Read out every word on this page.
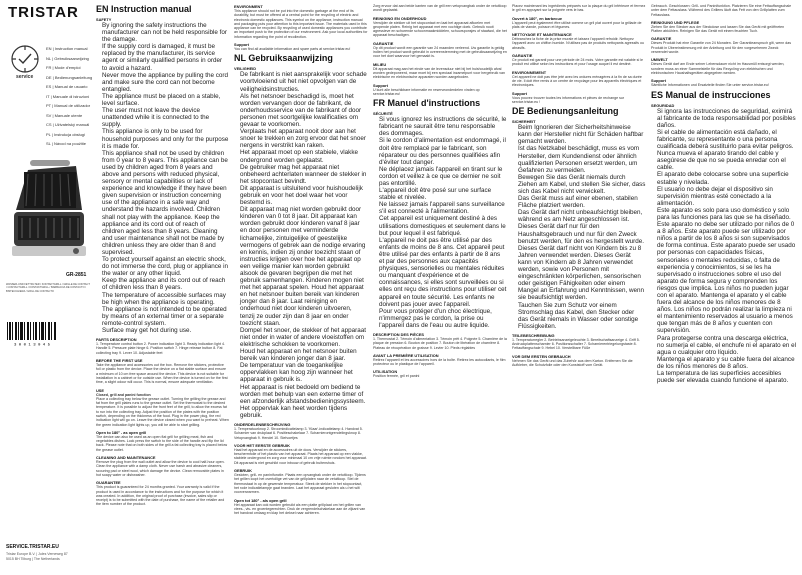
TRISTAR
service
EN | Instruction manual
NL | Gebruiksaanwijzing
FR | Mode d'emploi
DE | Bedienungsanleitung
ES | Manual de usuario
IT | Manuale di istruzioni
PT | Manual de utilizador
SV | Manuale utente
CS | Uživatelský manuál
PL | Instrukcja obsługi
SL | Návod na použitie
GR-2851
WASSER-UND FETTFILTER / KONTAKTGRILL / GRILLE DE CONTACT / CONTACTGRILL / KONTAKTGRILL / BARBACOA DE CONTACTO / BISTECCHIERA / GRILL DE CONTACTO
3 0 0 1 3 0 4 5
SERVICE.TRISTAR.EU
Tristar Europe B.V. | Jules Verneweg 87
5015 BH Tilburg | The Netherlands
EN Instruction manual
SAFETY
• By ignoring the safety instructions the manufacturer can not be held responsible for the damage.
• If the supply cord is damaged, it must be replaced by the manufacturer, its service agent or similarly qualified persons in order to avoid a hazard.
• Never move the appliance by pulling the cord and make sure the cord can not become entangled.
• The appliance must be placed on a stable, level surface.
• The user must not leave the device unattended while it is connected to the supply.
• This appliance is only to be used for household purposes and only for the purpose it is made for.
• This appliance shall not be used by children from 0 year to 8 years. This appliance can be used by children aged from 8 years and above and persons with reduced physical, sensory or mental capabilities or lack of experience and knowledge if they have been given supervision or instruction concerning use of the appliance in a safe way and understand the hazards involved. Children shall not play with the appliance. Keep the appliance and its cord out of reach of children aged less than 8 years. Cleaning and user maintenance shall not be made by children unless they are older than 8 and supervised.
• To protect yourself against an electric shock, do not immerse the cord, plug or appliance in the water or any other liquid.
• Keep the appliance and its cord out of reach of children less than 8 years.
• The temperature of accessible surfaces may be high when the appliance is operating.
• The appliance is not intended to be operated by means of an external timer or a separate remote-control system.
• Surface may get hot during use.
PARTS DESCRIPTION

1. Temperature control button 2. Power indication light 3. Ready indication light 4. Handle 5. Pressure plate hinge 6. Position switch 7. Hinge release button 8. Fat collecting tray 9. Lever 10. Adjustable feet

BEFORE THE FIRST USE

Take the appliance and accessories out the box. Remove the stickers, protective foil or plastic from the device. Place the device on a flat stable surface and ensure a minimum of 10 cm free space around the device. This device is not suitable for installation in a cabinet or for outside use. When the device is turned on for the first time, a slight odour will occur. This is normal, ensure adequate ventilation.

USE

Closed, grill and panini function

Place a collecting tray below the grease outlet. Turning the grilling the grease and fat from the grill plates runs to the grease outlet. Set the thermostat to the desired temperature. It is possible to adjust the front feet of the grill, to allow the excess fat to run into the collecting tray. Adjust the position of the plates with the position switch, depending on the thickness of the food. Plug in the power plug, the red indication light will go on. Leave the device closed when you want to preheat. When the green indication light lights up, you will be able to start grilling.

Open to 180° - as open grill

The device can also be used as an open flat grill for grilling meat, fish and vegetables dishes. Lock press the switch to the side of the handle and flip the lid back. Please note that on both sides of the grill a fat collecting tray is placed below the grease outlet.

CLEANING AND MAINTENANCE

Remove the plug from the wall outlet and allow the device to cool half-hour open. Clean the appliance with a damp cloth. Never use harsh and abrasive cleaners, scouring pad or steel wool, which damage the device. Clean removable plates in hot soapy water or dishwasher.

GUARANTEE

This product is guaranteed for 24 months granted. Your warranty is valid if the product is used in accordance to the instructions and for the purpose for which it was created. In addition, the original proof of purchase (invoice, sales slip or receipt) is to be submitted with the date of purchase, the name of the retailer and the item number of the product.

ENVIRONMENT

This appliance should not be put into the domestic garbage at the end of its durability, but must be offered at a central point for the recycling of electric and electronic domestic appliances. This symbol on the appliance, instruction manual and packaging puts your attention to this important issue. The materials used in this appliance can be recycled. By recycling of used domestic appliances you contribute an important push to the protection of our environment. Ask your local authorities for information regarding the point of recollection.

Support

You can find all available information and spare parts at service.tristar.eu!

NL Gebruiksaanwijzing
VEILIGHEID
• De fabrikant is niet aansprakelijk voor schade voortvloeiend uit het niet opvolgen van de veiligheidsinstructies.
• Als het netsnoer beschadigd is, moet het worden vervangen door de fabrikant, de onderhoudsservice van de fabrikant of door personen met soortgelijke kwalificaties om gevaar te voorkomen.
• Verplaats het apparaat nooit door aan het snoer te trekken en zorg ervoor dat het snoer nergens in verstrikt kan raken.
• Het apparaat moet op een stabiele, vlakke ondergrond worden geplaatst.
• De gebruiker mag het apparaat niet onbeheerd achterlaten wanneer de stekker in het stopcontact bevindt.
• Dit apparaat is uitsluitend voor huishoudelijk gebruik en voor het doel waar het voor bestemd is.
• Dit apparaat mag niet worden gebruikt door kinderen van 0 tot 8 jaar. Dit apparaat kan worden gebruikt door kinderen vanaf 8 jaar en door personen met verminderde lichamelijke, zintuigelijke of geestelijke vermogens of gebrek aan de nodige ervaring en kennis, indien zij onder toezicht staan of instructies krijgen over hoe het apparaat op een veilige manier kan worden gebruikt alsook de gevaren begrijpen die met het gebruik samenhangen. Kinderen mogen niet met het apparaat spelen. Houd het apparaat en het netsnoer buiten bereik van kinderen jonger dan 8 jaar. Laat reiniging en onderhoud niet door kinderen uitvoeren, tenzij ze ouder zijn dan 8 jaar en onder toezicht staan.
• Dompel het snoer, de stekker of het apparaat niet onder in water of andere vloeistoffen om elektrische schokken te voorkomen.
• Houd het apparaat en het netsnoer buiten bereik van kinderen jonger dan 8 jaar.
• De temperatuur van de toegankelijke oppervlakken kan hoog zijn wanneer het apparaat in gebruik is.
• Het apparaat is niet bedoeld om bediend te worden met behulp van een externe timer of een afzonderlijk afstandsbedieningssysteem.
• Het oppervlak kan heet worden tijdens gebruik.
ONDERDELENBESCHRIJVING

1. Temperatuurknop 2. Stroomindicatielamp 3. 'Klaar'-indicatielamp 4. Handvat 5. Scharnier van drukplaat 6. Positieschakelaar 7. Scharnierontgrendelingsknop 8. Vetopvangbak 9. Hendel 10. Stelvoetjes

VOOR HET EERSTE GEBRUIK

Haal het apparaat en de accessoires uit de doos. Verwijder de stickers, beschermfolie of het plastic van het apparaat. Plaats het apparaat op een vlakke, stabiele ondergrond en zorg voor minimaal 10 cm vrije ruimte rondom het apparaat. Dit apparaat is niet geschikt voor inbouw of gebruik buitenshuis.

GEBRUIK

Gesloten, grill- en paninifunctie. Plaats een opvangbak onder de vetuitloop. Tijdens het grillen loopt het overtollige vet van de grillplaten naar de vetuitloop. Stel de thermostaat in op de gewenste temperatuur. Steek de stekker in het stopcontact, het rode indicatielampje gaat branden. Laat het apparaat gesloten als u het wilt voorverwarmen.

Open tot 180° - als open grill

Het apparaat kan ook worden gebruikt als een platte grillplaat om het grillen van vlees-, vis- en groentegerechten. Druk de vergrendelschakelaar aan de zijkant van het handvat omlaag en klap het deksel naar achteren.

Zorg ervoor dat aan beide kanten van de grill een vetopvangbak onder de vetuitloop wordt geplaatst.

REINIGING EN ONDERHOUD

Verwijder de stekker uit het stopcontact en laat het apparaat afkoelen met geopende platen. Reinig het apparaat met een vochtige doek. Gebruik nooit agressieve en schurende schoonmaakmiddelen, schuursponsjes of staalwol, die het apparaat beschadigen.

GARANTIE

Op dit product wordt een garantie van 24 maanden verleend. Uw garantie is geldig indien het product wordt gebruikt in overeenstemming met de gebruiksaanwijzing en voor het doel waarvoor het gemaakt is.

MILIEU

Dit apparaat mag aan het einde van de levensduur niet bij het huishoudelijk afval worden gedeponeerd, maar moet bij een speciaal inzamelpunt voor hergebruik van elektrische en elektronische apparaten worden aangeboden.

Support

U kunt alle beschikbare informatie en reserveonderdelen vinden op service.tristar.eu!

FR Manuel d'instructions
SÉCURITÉ
• Si vous ignorez les instructions de sécurité, le fabricant ne saurait être tenu responsable des dommages.
• Si le cordon d'alimentation est endommagé, il doit être remplacé par le fabricant, son réparateur ou des personnes qualifiées afin d'éviter tout danger.
• Ne déplacez jamais l'appareil en tirant sur le cordon et veillez à ce que ce dernier ne soit pas entortillé.
• L'appareil doit être posé sur une surface stable et nivelée.
• Ne laissez jamais l'appareil sans surveillance s'il est connecté à l'alimentation.
• Cet appareil est uniquement destiné à des utilisations domestiques et seulement dans le but pour lequel il est fabriqué.
• L'appareil ne doit pas être utilisé par des enfants de moins de 8 ans. Cet appareil peut être utilisé par des enfants à partir de 8 ans et par des personnes aux capacités physiques, sensorielles ou mentales réduites ou manquant d'expérience et de connaissances, si elles sont surveillées ou si elles ont reçu des instructions pour utiliser cet appareil en toute sécurité. Les enfants ne doivent pas jouer avec l'appareil.
• Pour vous protéger d'un choc électrique, n'immergez pas le cordon, la prise ou l'appareil dans de l'eau ou autre liquide.
DESCRIPTION DES PIÈCES

1. Thermostat 2. Témoin d'alimentation 3. Témoin prêt 4. Poignée 5. Charnière de la plaque de pression 6. Bouton de position 7. Bouton de libération de charnière 8. Plateau de récupération de graisse 9. Levier 10. Pieds réglables

AVANT LA PREMIÈRE UTILISATION

Retirez l'appareil et les accessoires hors de la boîte. Retirez les autocollants, le film protecteur ou le plastique de l'appareil.

UTILISATION

Position fermée, gril et panini

Placez maintenant les ingrédients préparés sur la plaque du gril inférieure et fermez le gril en appuyant sur la poignée vers le bas.

Ouvert à 180°, en barbecue

L'appareil peut également être utilisé comme un gril plat ouvert pour la grillade de plats de viande, poisson et légumes.

NETTOYAGE ET MAINTENANCE

Débranchez la fiche de la prise murale et laissez l'appareil refroidir. Nettoyez l'appareil avec un chiffon humide. N'utilisez pas de produits nettoyants agressifs ou abrasifs.

GARANTIE

Ce produit est garanti pour une période de 24 mois. Votre garantie est valable si le produit est utilisé selon les instructions et pour l'usage auquel il est destiné.

ENVIRONNEMENT

Cet appareil ne doit pas être jeté avec les ordures ménagères à la fin de sa durée de vie. Il doit être remis à un centre de recyclage pour les appareils électriques et électroniques.

Support

Vous pouvez trouver toutes les informations et pièces de rechange sur service.tristar.eu !

DE Bedienungsanleitung
SICHERHEIT
• Beim Ignorieren der Sicherheitshinweise kann der Hersteller nicht für Schäden haftbar gemacht werden.
• Ist das Netzkabel beschädigt, muss es vom Hersteller, dem Kundendienst oder ähnlich qualifizierten Personen ersetzt werden, um Gefahren zu vermeiden.
• Bewegen Sie das Gerät niemals durch Ziehen am Kabel, und stellen Sie sicher, dass sich das Kabel nicht verwickelt.
• Das Gerät muss auf einer ebenen, stabilen Fläche platziert werden.
• Das Gerät darf nicht unbeaufsichtigt bleiben, während es am Netz angeschlossen ist.
• Dieses Gerät darf nur für den Haushaltsgebrauch und nur für den Zweck benutzt werden, für den es hergestellt wurde.
• Dieses Gerät darf nicht von Kindern bis zu 8 Jahren verwendet werden. Dieses Gerät kann von Kindern ab 8 Jahren verwendet werden, sowie von Personen mit eingeschränkten körperlichen, sensorischen oder geistigen Fähigkeiten oder einem Mangel an Erfahrung und Kenntnissen, wenn sie beaufsichtigt werden.
• Tauchen Sie zum Schutz vor einem Stromschlag das Kabel, den Stecker oder das Gerät niemals in Wasser oder sonstige Flüssigkeiten.
TEILEBESCHREIBUNG

1. Temperaturregler 2. Betriebsanzeigeleuchte 3. Bereitschaftsanzeige 4. Griff 5. Andruckplattenscharnier 6. Positionsschalter 7. Scharnierentriegelungstaste 8. Fettauffangschale 9. Hebel 10. Verstellbare Füße

VOR DEM ERSTEN GEBRAUCH

Nehmen Sie das Gerät und das Zubehör aus dem Karton. Entfernen Sie die Aufkleber, die Schutzfolie oder den Kunststoff vom Gerät.

Gebrauch. Geschlossen: Grill- und Paninifunktion. Platzieren Sie eine Fettauffangschale unter dem Fettauslass. Während des Grillens läuft das Fett von den Grillplatten zum Fettauslass.

REINIGUNG UND PFLEGE

Ziehen Sie den Stecker aus der Steckdose und lassen Sie das Gerät mit geöffneten Platten abkühlen. Reinigen Sie das Gerät mit einem feuchten Tuch.

GARANTIE

Dieses Produkt hat eine Garantie von 24 Monaten. Der Garantieanspruch gilt, wenn das Produkt in Übereinstimmung mit der Anleitung und für den vorgesehenen Zweck verwendet wurde.

UMWELT

Dieses Gerät darf am Ende seiner Lebensdauer nicht im Hausmüll entsorgt werden, sondern muss an einer Sammelstelle für das Recycling von elektrischen und elektronischen Haushaltsgeräten abgegeben werden.

Support

Sämtliche Informationen und Ersatzteile finden Sie unter service.tristar.eu!

ES Manual de instrucciones
SEGURIDAD
• Si ignora las instrucciones de seguridad, eximirá al fabricante de toda responsabilidad por posibles daños.
• Si el cable de alimentación está dañado, el fabricante, su representante o una persona cualificada deberá sustituirlo para evitar peligros.
• Nunca mueva el aparato tirando del cable y asegúrese de que no se pueda enredar con el cable.
• El aparato debe colocarse sobre una superficie estable y nivelada.
• El usuario no debe dejar el dispositivo sin supervisión mientras esté conectado a la alimentación.
• Este aparato es solo para uso doméstico y solo para las funciones para las que se ha diseñado.
• Este aparato no debe ser utilizado por niños de 0 a 8 años. Este aparato puede ser utilizado por niños a partir de los 8 años si son supervisados de forma continua. Este aparato puede ser usado por personas con capacidades físicas, sensoriales o mentales reducidas, o falta de experiencia y conocimientos, si se les ha supervisado o instrucciones sobre el uso del aparato de forma segura y comprenden los riesgos que implica. Los niños no pueden jugar con el aparato. Mantenga el aparato y el cable fuera del alcance de los niños menores de 8 años. Los niños no podrán realizar la limpieza ni el mantenimiento reservados al usuario a menos que tengan más de 8 años y cuenten con supervisión.
• Para protegerse contra una descarga eléctrica, no sumerja el cable, el enchufe ni el aparato en el agua o cualquier otro líquido.
• Mantenga el aparato y su cable fuera del alcance de los niños menores de 8 años.
• La temperatura de las superficies accesibles puede ser elevada cuando funcione el aparato.
